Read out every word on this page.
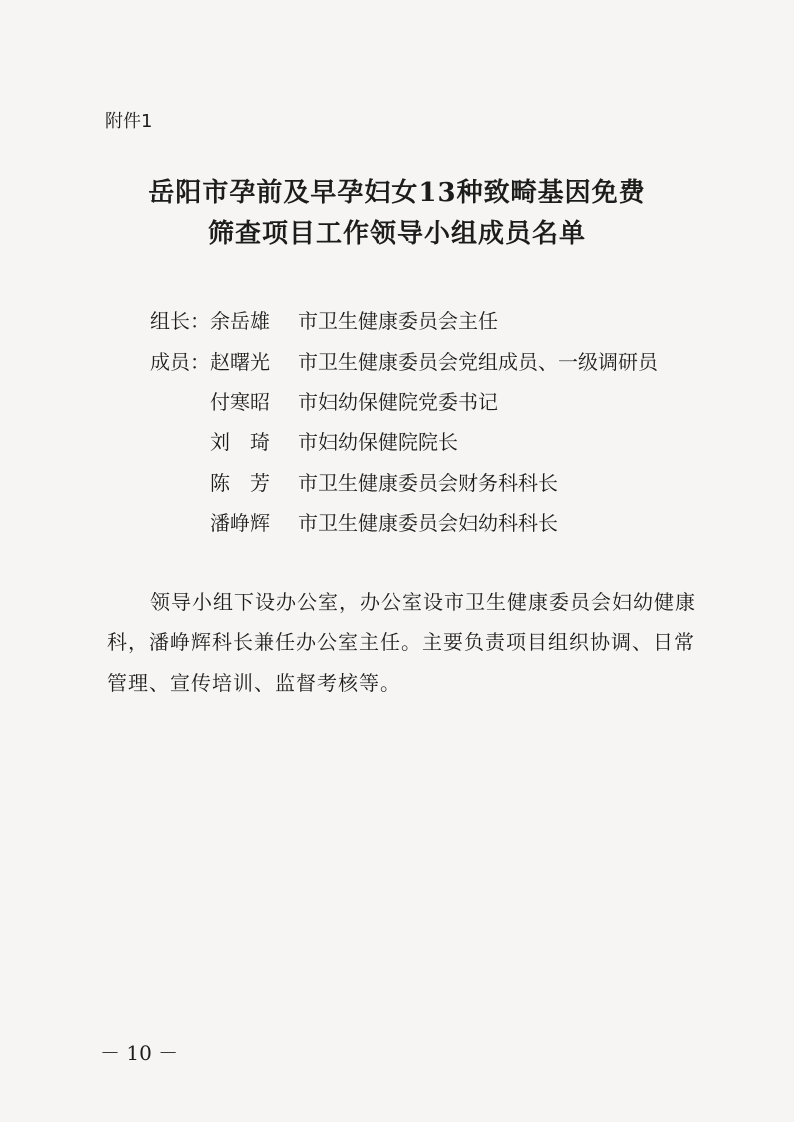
附件1
岳阳市孕前及早孕妇女13种致畸基因免费
筛查项目工作领导小组成员名单
组长： 余岳雄	市卫生健康委员会主任
成员： 赵曙光	市卫生健康委员会党组成员、一级调研员
付寒昭	市妇幼保健院党委书记
刘　琦	市妇幼保健院院长
陈　芳	市卫生健康委员会财务科科长
潘峥辉	市卫生健康委员会妇幼科科长
领导小组下设办公室，办公室设市卫生健康委员会妇幼健康
科，潘峥辉科长兼任办公室主任。主要负责项目组织协调、日常
管理、宣传培训、监督考核等。
－ 10 －
